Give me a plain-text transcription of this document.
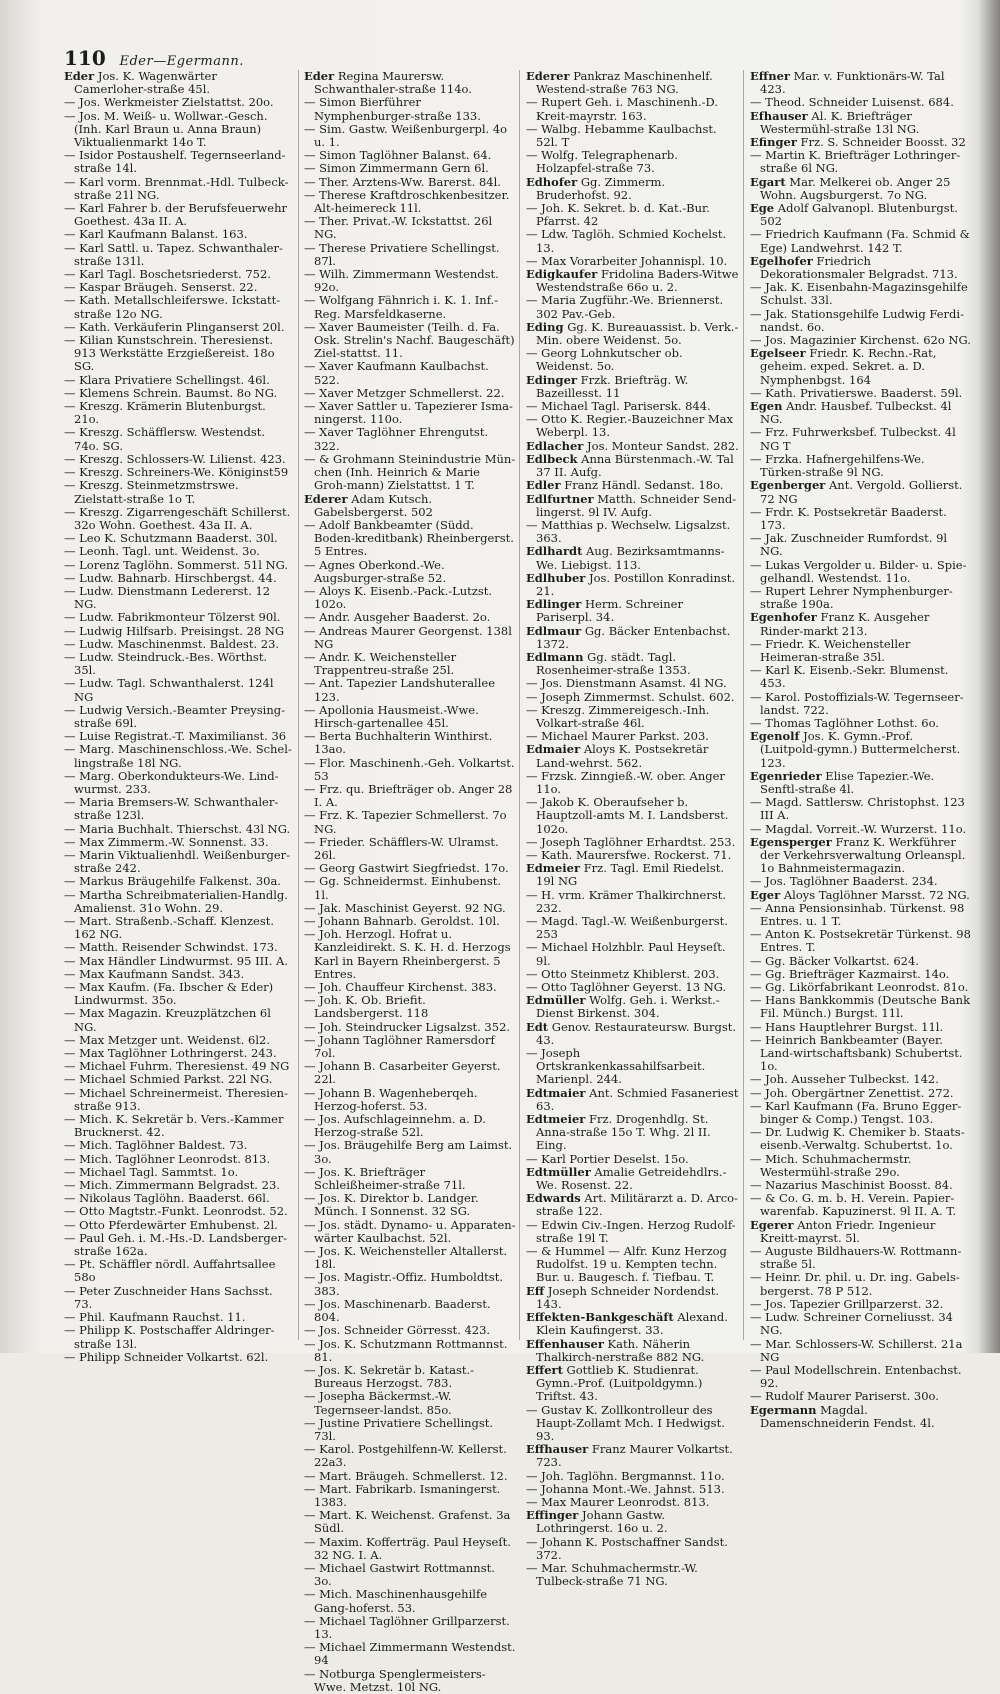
110 Eder—Egermann.

Eder Jos. K. Wagenwärter Camerloher-straße 45l.

— Jos. Werkmeister Zielstattst. 20o.

— Jos. M. Weiß- u. Wollwar.-Gesch. (Inh. Karl Braun u. Anna Braun) Viktualienmarkt 14o T.

— Isidor Postaushelf. Tegernseerland-straße 14l.

— Karl vorm. Brennmat.-Hdl. Tulbeck-straße 21l NG.

— Karl Fahrer b. der Berufsfeuerwehr Goethest. 43a II. A.

— Karl Kaufmann Balanst. 163.

— Karl Sattl. u. Tapez. Schwanthaler-straße 131l.

— Karl Tagl. Boschetsriederst. 752.

— Kaspar Bräugeh. Senserst. 22.

— Kath. Metallschleiferswe. Ickstatt-straße 12o NG.

— Kath. Verkäuferin Plinganserst 20l.

— Kilian Kunstschrein. Theresienst. 913 Werkstätte Erzgießereist. 18o SG.

— Klara Privatiere Schellingst. 46l.

— Klemens Schrein. Baumst. 8o NG.

— Kreszg. Krämerin Blutenburgst. 21o.

— Kreszg. Schäfflersw. Westendst. 74o. SG.

— Kreszg. Schlossers-W. Lilienst. 423.

— Kreszg. Schreiners-We. Königinst59

— Kreszg. Steinmetzmstrswe. Zielstatt-straße 1o T.

— Kreszg. Zigarrengeschäft Schillerst. 32o Wohn. Goethest. 43a II. A.

— Leo K. Schutzmann Baaderst. 30l.

— Leonh. Tagl. unt. Weidenst. 3o.

— Lorenz Taglöhn. Sommerst. 51l NG.

— Ludw. Bahnarb. Hirschbergst. 44.

— Ludw. Dienstmann Ledererst. 12 NG.

— Ludw. Fabrikmonteur Tölzerst 90l.

— Ludwig Hilfsarb. Preisingst. 28 NG

— Ludw. Maschinenmst. Baldest. 23.

— Ludw. Steindruck.-Bes. Wörthst. 35l.

— Ludw. Tagl. Schwanthalerst. 124l NG

— Ludwig Versich.-Beamter Preysing-straße 69l.

— Luise Registrat.-T. Maximilianst. 36

— Marg. Maschinenschloss.-We. Schel-lingstraße 18l NG.

— Marg. Oberkondukteurs-We. Lind-wurmst. 233.

— Maria Bremsers-W. Schwanthaler-straße 123l.

— Maria Buchhalt. Thierschst. 43l NG.

— Max Zimmerm.-W. Sonnenst. 33.

— Marin Viktualienhdl. Weißenburger-straße 242.

— Markus Bräugehilfe Falkenst. 30a.

— Martha Schreibmaterialien-Handlg. Amalienst. 31o Wohn. 29.

— Mart. Straßenb.-Schaff. Klenzest. 162 NG.

— Matth. Reisender Schwindst. 173.

— Max Händler Lindwurmst. 95 III. A.

— Max Kaufmann Sandst. 343.

— Max Kaufm. (Fa. Ibscher & Eder) Lindwurmst. 35o.

— Max Magazin. Kreuzplätzchen 6l NG.

— Max Metzger unt. Weidenst. 6l2.

— Max Taglöhner Lothringerst. 243.

— Michael Fuhrm. Theresienst. 49 NG

— Michael Schmied Parkst. 22l NG.

— Michael Schreinermeist. Theresien-straße 913.

— Mich. K. Sekretär b. Vers.-Kammer Brucknerst. 42.

— Mich. Taglöhner Baldest. 73.

— Mich. Taglöhner Leonrodst. 813.

— Michael Tagl. Sammtst. 1o.

— Mich. Zimmermann Belgradst. 23.

— Nikolaus Taglöhn. Baaderst. 66l.

— Otto Magtstr.-Funkt. Leonrodst. 52.

— Otto Pferdewärter Emhubenst. 2l.

— Paul Geh. i. M.-Hs.-D. Landsberger-straße 162a.

— Pt. Schäffler nördl. Auffahrtsallee 58o

— Peter Zuschneider Hans Sachsst. 73.

— Phil. Kaufmann Rauchst. 11.

— Philipp K. Postschaffer Aldringer-straße 13l.

— Philipp Schneider Volkartst. 62l.

Eder Regina Maurersw. Schwanthaler-straße 114o.

— Simon Bierführer Nymphenburger-straße 133.

— Sim. Gastw. Weißenburgerpl. 4o u. 1.

— Simon Taglöhner Balanst. 64.

— Simon Zimmermann Gern 6l.

— Ther. Arztens-Ww. Barerst. 84l.

— Therese Kraftdroschkenbesitzer. Alt-heimereck 11l.

— Ther. Privat.-W. Ickstattst. 26l NG.

— Therese Privatiere Schellingst. 87l.

— Wilh. Zimmermann Westendst. 92o.

— Wolfgang Fähnrich i. K. 1. Inf.-Reg. Marsfeldkaserne.

— Xaver Baumeister (Teilh. d. Fa. Osk. Strelin's Nachf. Baugeschäft) Ziel-stattst. 11.

— Xaver Kaufmann Kaulbachst. 522.

— Xaver Metzger Schmellerst. 22.

— Xaver Sattler u. Tapezierer Isma-ningerst. 110o.

— Xaver Taglöhner Ehrengutst. 322.

— & Grohmann Steinindustrie Mün-chen (Inh. Heinrich & Marie Groh-mann) Zielstattst. 1 T.

Ederer Adam Kutsch. Gabelsbergerst. 502

— Adolf Bankbeamter (Südd. Boden-kreditbank) Rheinbergerst. 5 Entres.

— Agnes Oberkond.-We. Augsburger-straße 52.

— Aloys K. Eisenb.-Pack.-Lutzst. 102o.

— Andr. Ausgeher Baaderst. 2o.

— Andreas Maurer Georgenst. 138l NG

— Andr. K. Weichensteller Trappentreu-straße 25l.

— Ant. Tapezier Landshuterallee 123.

— Apollonia Hausmeist.-Wwe. Hirsch-gartenallee 45l.

— Berta Buchhalterin Winthirst. 13ao.

— Flor. Maschinenh.-Geh. Volkartst. 53

— Frz. qu. Briefträger ob. Anger 28 I. A.

— Frz. K. Tapezier Schmellerst. 7o NG.

— Frieder. Schäfflers-W. Ulramst. 26l.

— Georg Gastwirt Siegfriedst. 17o.

— Gg. Schneidermst. Einhubenst. 1l.

— Jak. Maschinist Geyerst. 92 NG.

— Johann Bahnarb. Geroldst. 10l.

— Joh. Herzogl. Hofrat u. Kanzleidirekt. S. K. H. d. Herzogs Karl in Bayern Rheinbergerst. 5 Entres.

— Joh. Chauffeur Kirchenst. 383.

— Joh. K. Ob. Briefit. Landsbergerst. 118

— Joh. Steindrucker Ligsalzst. 352.

— Johann Taglöhner Ramersdorf 7ol.

— Johann B. Casarbeiter Geyerst. 22l.

— Johann B. Wagenheberqeh. Herzog-hoferst. 53.

— Jos. Aufschlageinnehm. a. D. Herzog-straße 52l.

— Jos. Bräugehilfe Berg am Laimst. 3o.

— Jos. K. Briefträger Schleißheimer-straße 71l.

— Jos. K. Direktor b. Landger. Münch. I Sonnenst. 32 SG.

— Jos. städt. Dynamo- u. Apparaten-wärter Kaulbachst. 52l.

— Jos. K. Weichensteller Altallerst. 18l.

— Jos. Magistr.-Offiz. Humboldtst. 383.

— Jos. Maschinenarb. Baaderst. 804.

— Jos. Schneider Görresst. 423.

— Jos. K. Schutzmann Rottmannst. 81.

— Jos. K. Sekretär b. Katast.-Bureaus Herzogst. 783.

— Josepha Bäckermst.-W. Tegernseer-landst. 85o.

— Justine Privatiere Schellingst. 73l.

— Karol. Postgehilfenn-W. Kellerst. 22a3.

— Mart. Bräugeh. Schmellerst. 12.

— Mart. Fabrikarb. Ismaningerst. 1383.

— Mart. K. Weichenst. Grafenst. 3a Südl.

— Maxim. Kofferträg. Paul Heyseſt. 32 NG. I. A.

— Michael Gastwirt Rottmannst. 3o.

— Mich. Maschinenhausgehilfe Gang-hoferst. 53.

— Michael Taglöhner Grillparzerst. 13.

— Michael Zimmermann Westendst. 94

— Notburga Spenglermeisters-Wwe. Metzst. 10l NG.

Ederer Pankraz Maschinenhelf. Westend-straße 763 NG.

— Rupert Geh. i. Maschinenh.-D. Kreit-mayrstr. 163.

— Walbg. Hebamme Kaulbachst. 52l. T

— Wolfg. Telegraphenarb. Holzapfel-straße 73.

Edhofer Gg. Zimmerm. Bruderhofst. 92.

— Joh. K. Sekret. b. d. Kat.-Bur. Pfarrst. 42

— Ldw. Taglöh. Schmied Kochelst. 13.

— Max Vorarbeiter Johannispl. 10.

Edigkaufer Fridolina Baders-Witwe Westendstraße 66o u. 2.

— Maria Zugführ.-We. Briennerst. 302 Pav.-Geb.

Eding Gg. K. Bureauassist. b. Verk.-Min. obere Weidenst. 5o.

— Georg Lohnkutscher ob. Weidenst. 5o.

Edinger Frzk. Briefträg. W. Bazeillesst. 11

— Michael Tagl. Parisersk. 844.

— Otto K. Regier.-Bauzeichner Max Weberpl. 13.

Edlacher Jos. Monteur Sandst. 282.

Edlbeck Anna Bürstenmach.-W. Tal 37 II. Aufg.

Edler Franz Händl. Sedanst. 18o.

Edlfurtner Matth. Schneider Send-lingerst. 9l IV. Aufg.

— Matthias p. Wechselw. Ligsalzst. 363.

Edlhardt Aug. Bezirksamtmanns-We. Liebigst. 113.

Edlhuber Jos. Postillon Konradinst. 21.

Edlinger Herm. Schreiner Pariserpl. 34.

Edlmaur Gg. Bäcker Entenbachst. 1372.

Edlmann Gg. städt. Tagl. Rosenheimer-straße 1353.

— Jos. Dienstmann Asamst. 4l NG.

— Joseph Zimmermst. Schulst. 602.

— Kreszg. Zimmereigesch.-Inh. Volkart-straße 46l.

— Michael Maurer Parkst. 203.

Edmaier Aloys K. Postsekretär Land-wehrst. 562.

— Frzsk. Zinngieß.-W. ober. Anger 11o.

— Jakob K. Oberaufseher b. Hauptzoll-amts M. I. Landsberst. 102o.

— Joseph Taglöhner Erhardtst. 253.

— Kath. Maurersfwe. Rockerst. 71.

Edmeier Frz. Tagl. Emil Riedelst. 19l NG

— H. vrm. Krämer Thalkirchnerst. 232.

— Magd. Tagl.-W. Weißenburgerst. 253

— Michael Holzhblr. Paul Heyseſt. 9l.

— Otto Steinmetz Khiblerst. 203.

— Otto Taglöhner Geyerst. 13 NG.

Edmüller Wolfg. Geh. i. Werkst.-Dienst Birkenst. 304.

Edt Genov. Restaurateursw. Burgst. 43.

— Joseph Ortskrankenkassahilfsarbeit. Marienpl. 244.

Edtmaier Ant. Schmied Fasaneriest 63.

Edtmeier Frz. Drogenhdlg. St. Anna-straße 15o T. Whg. 2l II. Eing.

— Karl Portier Deselst. 15o.

Edtmüller Amalie Getreidehdlrs.-We. Rosenst. 22.

Edwards Art. Militärarzt a. D. Arco-straße 122.

— Edwin Civ.-Ingen. Herzog Rudolf-straße 19l T.

— & Hummel — Alfr. Kunz Herzog Rudolfst. 19 u. Kempten techn. Bur. u. Baugesch. f. Tiefbau. T.

Eff Joseph Schneider Nordendst. 143.

Effekten-Bankgeschäft Alexand. Klein Kaufingerst. 33.

Effenhauser Kath. Näherin Thalkirch-nerstraße 882 NG.

Effert Gottlieb K. Studienrat. Gymn.-Prof. (Luitpoldgymn.) Triftst. 43.

— Gustav K. Zollkontrolleur des Haupt-Zollamt Mch. I Hedwigst. 93.

Effhauser Franz Maurer Volkartst. 723.

— Joh. Taglöhn. Bergmannst. 11o.

— Johanna Mont.-We. Jahnst. 513.

— Max Maurer Leonrodst. 813.

Effinger Johann Gastw. Lothringerst. 16o u. 2.

— Johann K. Postschaffner Sandst. 372.

— Mar. Schuhmachermstr.-W. Tulbeck-straße 71 NG.

Effner Mar. v. Funktionärs-W. Tal 423.

— Theod. Schneider Luisenst. 684.

Efhauser Al. K. Briefträger Westermühl-straße 13l NG.

Efinger Frz. S. Schneider Boosst. 32

— Martin K. Briefträger Lothringer-straße 6l NG.

Egart Mar. Melkerei ob. Anger 25 Wohn. Augsburgerst. 7o NG.

Ege Adolf Galvanopl. Blutenburgst. 502

— Friedrich Kaufmann (Fa. Schmid & Ege) Landwehrst. 142 T.

Egelhofer Friedrich Dekorationsmaler Belgradst. 713.

— Jak. K. Eisenbahn-Magazinsgehilfe Schulst. 33l.

— Jak. Stationsgehilfe Ludwig Ferdi-nandst. 6o.

— Jos. Magazinier Kirchenst. 62o NG.

Egelseer Friedr. K. Rechn.-Rat, geheim. exped. Sekret. a. D. Nymphenbgst. 164

— Kath. Privatierswe. Baaderst. 59l.

Egen Andr. Hausbef. Tulbeckst. 4l NG.

— Frz. Fuhrwerksbef. Tulbeckst. 4l NG T

— Frzka. Hafnergehilfens-We. Türken-straße 9l NG.

Egenberger Ant. Vergold. Gollierst. 72 NG

— Frdr. K. Postsekretär Baaderst. 173.

— Jak. Zuschneider Rumfordst. 9l NG.

— Lukas Vergolder u. Bilder- u. Spie-gelhandl. Westendst. 11o.

— Rupert Lehrer Nymphenburger-straße 190a.

Egenhofer Franz K. Ausgeher Rinder-markt 213.

— Friedr. K. Weichensteller Heimeran-straße 35l.

— Karl K. Eisenb.-Sekr. Blumenst. 453.

— Karol. Postoffizials-W. Tegernseer-landst. 722.

— Thomas Taglöhner Lothst. 6o.

Egenolf Jos. K. Gymn.-Prof. (Luitpold-gymn.) Buttermelcherst. 123.

Egenrieder Elise Tapezier.-We. Senftl-straße 4l.

— Magd. Sattlersw. Christophst. 123 III A.

— Magdal. Vorreit.-W. Wurzerst. 11o.

Egensperger Franz K. Werkführer der Verkehrsverwaltung Orleanspl. 1o Bahnmeistermagazin.

— Jos. Taglöhner Baaderst. 234.

Eger Aloys Taglöhner Marsst. 72 NG.

— Anna Pensionsinhab. Türkenst. 98 Entres. u. 1 T.

— Anton K. Postsekretär Türkenst. 98 Entres. T.

— Gg. Bäcker Volkartst. 624.

— Gg. Briefträger Kazmairst. 14o.

— Gg. Likörfabrikant Leonrodst. 81o.

— Hans Bankkommis (Deutsche Bank Fil. Münch.) Burgst. 11l.

— Hans Hauptlehrer Burgst. 11l.

— Heinrich Bankbeamter (Bayer. Land-wirtschaftsbank) Schubertst. 1o.

— Joh. Ausseher Tulbeckst. 142.

— Joh. Obergärtner Zenettist. 272.

— Karl Kaufmann (Fa. Bruno Egger-binger & Comp.) Tengst. 103.

— Dr. Ludwig K. Chemiker b. Staats-eisenb.-Verwaltg. Schubertst. 1o.

— Mich. Schuhmachermstr. Westermühl-straße 29o.

— Nazarius Maschinist Boosst. 84.

— & Co. G. m. b. H. Verein. Papier-warenfab. Kapuzinerst. 9l II. A. T.

Egerer Anton Friedr. Ingenieur Kreitt-mayrst. 5l.

— Auguste Bildhauers-W. Rottmann-straße 5l.

— Heinr. Dr. phil. u. Dr. ing. Gabels-bergerst. 78 P 512.

— Jos. Tapezier Grillparzerst. 32.

— Ludw. Schreiner Corneliusst. 34 NG.

— Mar. Schlossers-W. Schillerst. 21a NG

— Paul Modellschrein. Entenbachst. 92.

— Rudolf Maurer Pariserst. 30o.

Egermann Magdal. Damenschneiderin Fendst. 4l.
